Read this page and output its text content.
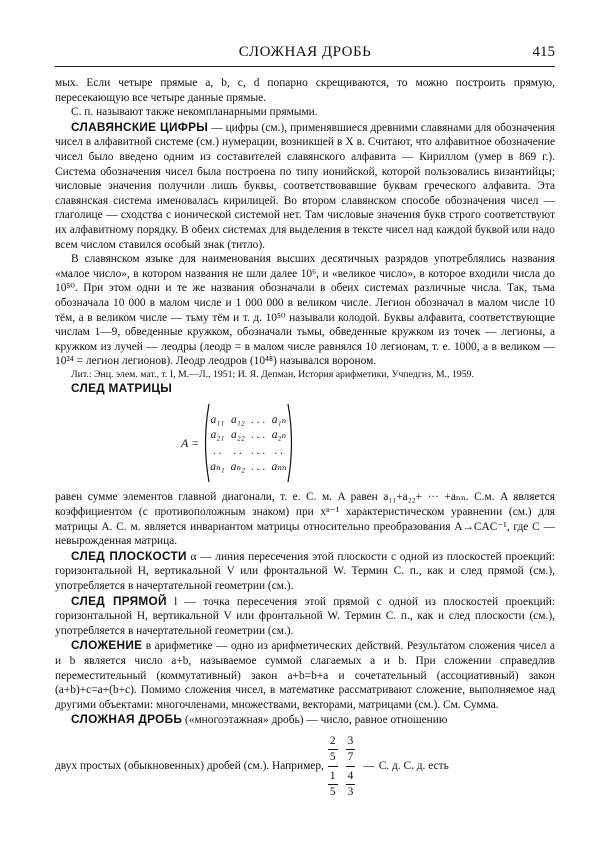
СЛОЖНАЯ ДРОБЬ	415

мых. Если четыре прямые a, b, c, d попарно скрещиваются, то можно построить прямую, пересекающую все четыре данные прямые.

С. п. называют также некомпланарными прямыми.

СЛАВЯНСКИЕ ЦИФРЫ — цифры (см.), применявшиеся древними славянами для обозначения чисел в алфавитной системе (см.) нумерации, возникшей в X в. Считают, что алфавитное обозначение чисел было введено одним из составителей славянского алфавита — Кириллом (умер в 869 г.). Система обозначения чисел была построена по типу ионийской, которой пользовались византийцы; числовые значения получили лишь буквы, соответствовавшие буквам греческого алфавита. Эта славянская система именовалась кирилицей. Во втором славянском способе обозначения чисел — глаголице — сходства с ионической системой нет. Там числовые значения букв строго соответствуют их алфавитному порядку. В обеих системах для выделения в тексте чисел над каждой буквой или надо всем числом ставился особый знак (титло).

В славянском языке для наименования высших десятичных разрядов употреблялись названия «малое число», в котором названия не шли далее 10⁶, и «великое число», в которое входили числа до 10⁵⁰. При этом одни и те же названия обозначали в обеих системах различные числа. Так, тьма обозначала 10 000 в малом числе и 1 000 000 в великом числе. Легион обозначал в малом числе 10 тём, а в великом числе — тьму тём и т. д. 10⁵⁰ называли колодой. Буквы алфавита, соответствующие числам 1—9, обведенные кружком, обозначали тьмы, обведенные кружком из точек — легионы, а кружком из лучей — леодры (леодр = в малом числе равнялся 10 легионам, т. е. 1000, а в великом — 10²⁴ = легион легионов). Леодр леодров (10⁴⁸) назывался вороном.

Лит.: Энц. элем. мат., т. I, М.—Л., 1951; И. Я. Депман, История арифметики, Учпедгиз, М., 1959.

СЛЕД МАТРИЦЫ

A =
a₁₁ a₁₂ . . . a₁ₙ
a₂₁ a₂₂ . . . a₂ₙ
. . . . . . . . .
aₙ₁ aₙ₂ . . . aₙₙ

равен сумме элементов главной диагонали, т. е. С. м. A равен a₁₁+a₂₂+ ··· +aₙₙ. С.м. A является коэффициентом (с противоположным знаком) при xⁿ⁻¹ характеристическом уравнении (см.) для матрицы A. С. м. является инвариантом матрицы относительно преобразования A→CAC⁻¹, где C — невырожденная матрица.

СЛЕД ПЛОСКОСТИ α — линия пересечения этой плоскости с одной из плоскостей проекций: горизонтальной H, вертикальной V или фронтальной W. Термин С. п., как и след прямой (см.), употребляется в начертательной геометрии (см.).

СЛЕД ПРЯМОЙ l — точка пересечения этой прямой с одной из плоскостей проекций: горизонтальной H, вертикальной V или фронтальной W. Термин С. п., как и след плоскости (см.), употребляется в начертательной геометрии (см.).

СЛОЖЕНИЕ в арифметике — одно из арифметических действий. Результатом сложения чисел a и b является число a+b, называемое суммой слагаемых a и b. При сложении справедлив переместительный (коммутативный) закон a+b=b+a и сочетательный (ассоциативный) закон (a+b)+c=a+(b+c). Помимо сложения чисел, в математике рассматривают сложение, выполняемое над другими объектами: многочленами, множествами, векторами, матрицами (см.). См. Сумма.

СЛОЖНАЯ ДРОБЬ («многоэтажная» дробь) — число, равное отношению

двух простых (обыкновенных) дробей (см.). Например, $\frac{\frac{2}{5}}{\frac{1}{5}} \frac{\frac{3}{7}}{\frac{4}{3}}$ — С. д. С. д. есть
